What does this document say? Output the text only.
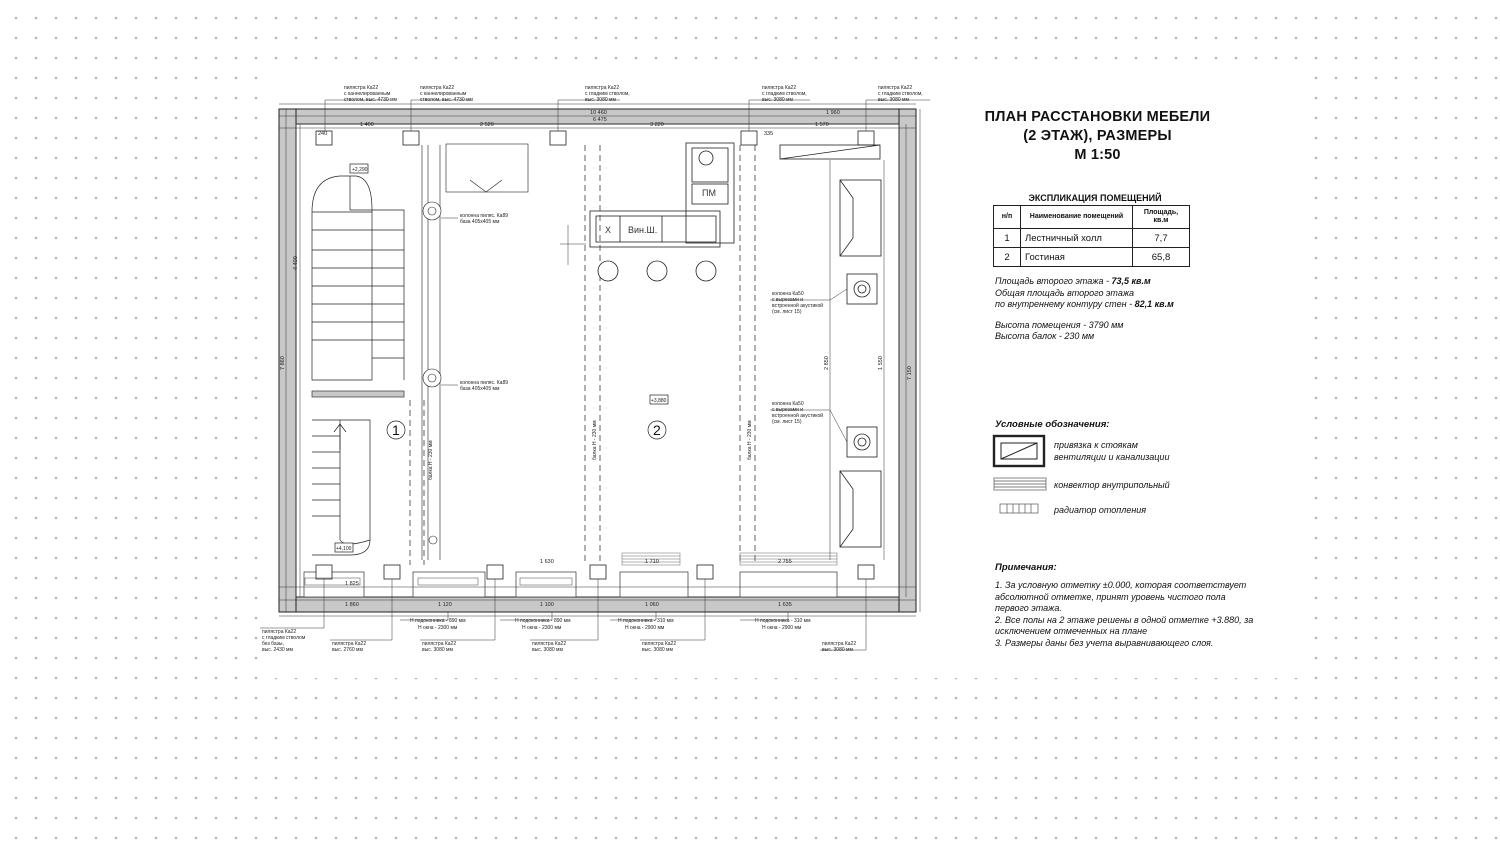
+2,290
+3,880
+4,100
1	2
Вин.Ш.
Х
ПМ
балка Н - 230 мм
балка Н - 230 мм	балка Н - 230 мм
10 460
1 400	2 520	3 220	1 570
6 475
1 960
240	335
1 825
1 120	1 100	1 060	1 635
1 630	1 710	2 755
1 860
7 860
7 150
4 400
2 850	1 550
колонна пиляс. Ка89
база 405х405 мм
колонна пиляс. Ка89
база 405х405 мм
колонна Ка50
с вырезами и
встроенной акустикой
(см. лист 15)
колонна Ка50
с вырезами и
встроенной акустикой
(см. лист 15)
пилястра Ка22
с каннелированным
стволом, выс. 4730 мм
пилястра Ка22
с каннелированным
стволом, выс. 4730 мм
пилястра Ка22
с гладким стволом,
выс. 3080 мм
пилястра Ка22
с гладким стволом,
выс. 3080 мм
пилястра Ка22
с гладким стволом,
выс. 3080 мм
Н подоконника - 890 мм
Н окна - 2300 мм
Н подоконника - 890 мм
Н окна - 2300 мм
Н подоконника - 310 мм
Н окна - 2900 мм
Н подоконника - 310 мм
Н окна - 2900 мм
пилястра Ка22
с гладким стволом
без базы,
выс. 2430 мм
пилястра Ка22
выс. 2760 мм
пилястра Ка22
выс. 3080 мм
пилястра Ка22
выс. 3080 мм
пилястра Ка22
выс. 3080 мм
пилястра Ка22
выс. 3080 мм
ПЛАН РАССТАНОВКИ МЕБЕЛИ
(2 ЭТАЖ), РАЗМЕРЫ
М 1:50
ЭКСПЛИКАЦИЯ ПОМЕЩЕНИЙ
н/п	Наименование помещений	Площадь, кв.м
1	Лестничный холл	7,7
2	Гостиная	65,8
Площадь второго этажа - 73,5 кв.м
Общая площадь второго этажа
по внутреннему контуру стен - 82,1 кв.м
Высота помещения - 3790 мм
Высота балок - 230 мм
Условные обозначения:
привязка к стоякам
вентиляции и канализации
конвектор внутрипольный
радиатор отопления
Примечания:
1. За условную отметку ±0.000, которая соответствует абсолютной отметке, принят уровень чистого пола первого этажа.
2. Все полы на 2 этаже решены в одной отметке +3.880, за исключением отмеченных на плане
3. Размеры даны без учета выравнивающего слоя.
